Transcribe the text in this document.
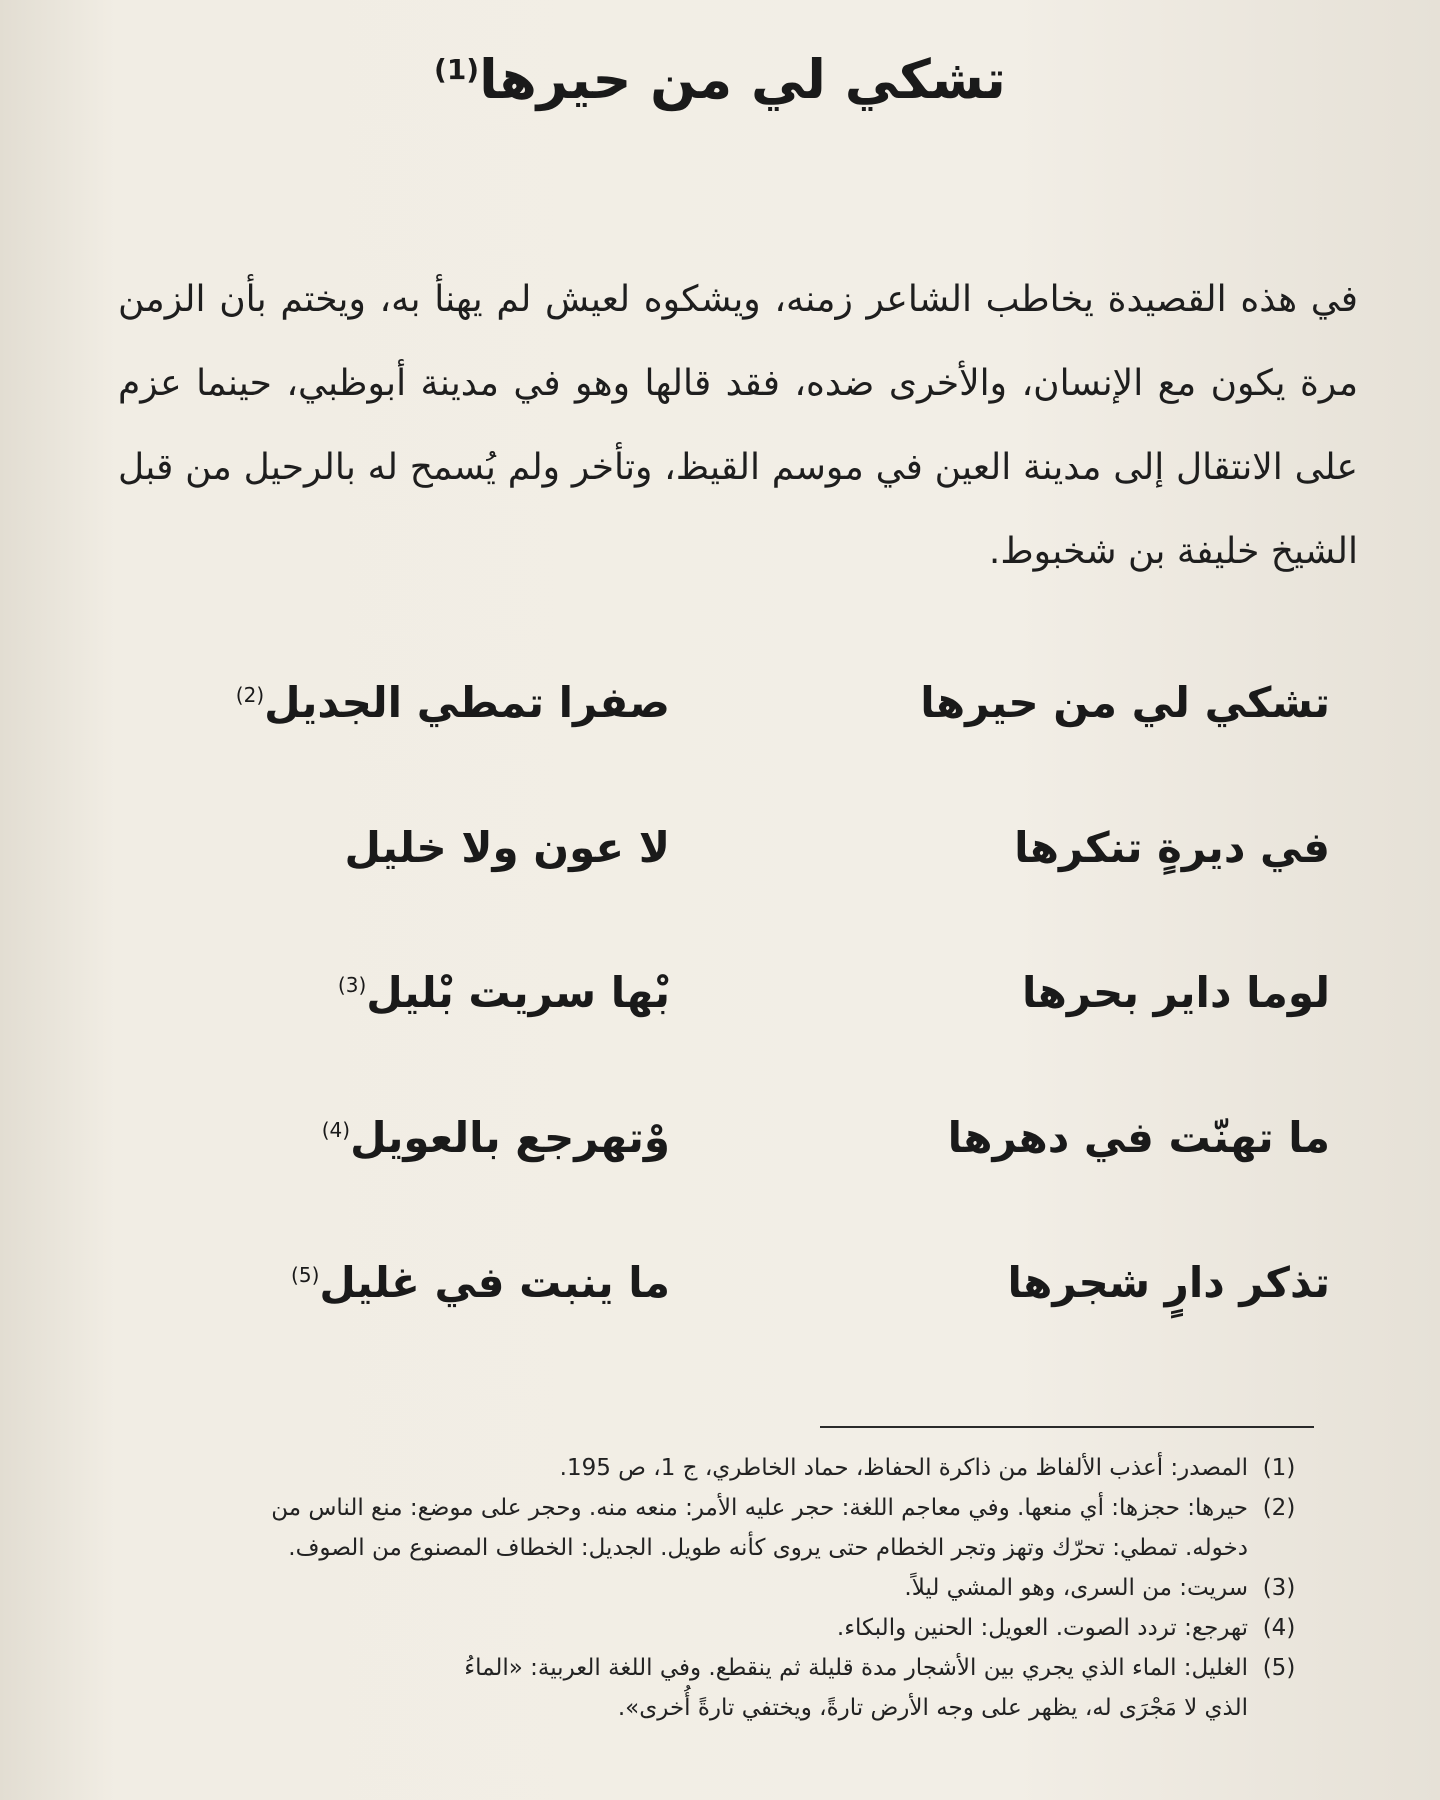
تشكي لي من حيرها$^{(1)}$
في هذه القصيدة يخاطب الشاعر زمنه، ويشكوه لعيش لم يهنأ به، ويختم بأن الزمن مرة يكون مع الإنسان، والأخرى ضده، فقد قالها وهو في مدينة أبوظبي، حينما عزم على الانتقال إلى مدينة العين في موسم القيظ، وتأخر ولم يُسمح له بالرحيل من قبل الشيخ خليفة بن شخبوط.
تشكي لي من حيرها
صفرا تمطي الجديل$^{(2)}$
في ديرةٍ تنكرها
لا عون ولا خليل
لوما داير بحرها
بْها سريت بْليل$^{(3)}$
ما تهنّت في دهرها
وْتهرجع بالعويل$^{(4)}$
تذكر دارٍ شجرها
ما ينبت في غليل$^{(5)}$
(1)
المصدر: أعذب الألفاظ من ذاكرة الحفاظ، حماد الخاطري، ج 1، ص 195.
(2)
حيرها: حجزها: أي منعها. وفي معاجم اللغة: حجر عليه الأمر: منعه منه. وحجر على موضع: منع الناس من
دخوله. تمطي: تحرّك وتهز وتجر الخطام حتى يروى كأنه طويل. الجديل: الخطاف المصنوع من الصوف.
(3)
سريت: من السرى، وهو المشي ليلاً.
(4)
تهرجع: تردد الصوت. العويل: الحنين والبكاء.
(5)
الغليل: الماء الذي يجري بين الأشجار مدة قليلة ثم ينقطع. وفي اللغة العربية: «الماءُ
الذي لا مَجْرَى له، يظهر على وجه الأرض تارةً، ويختفي تارةً أُخرى».
